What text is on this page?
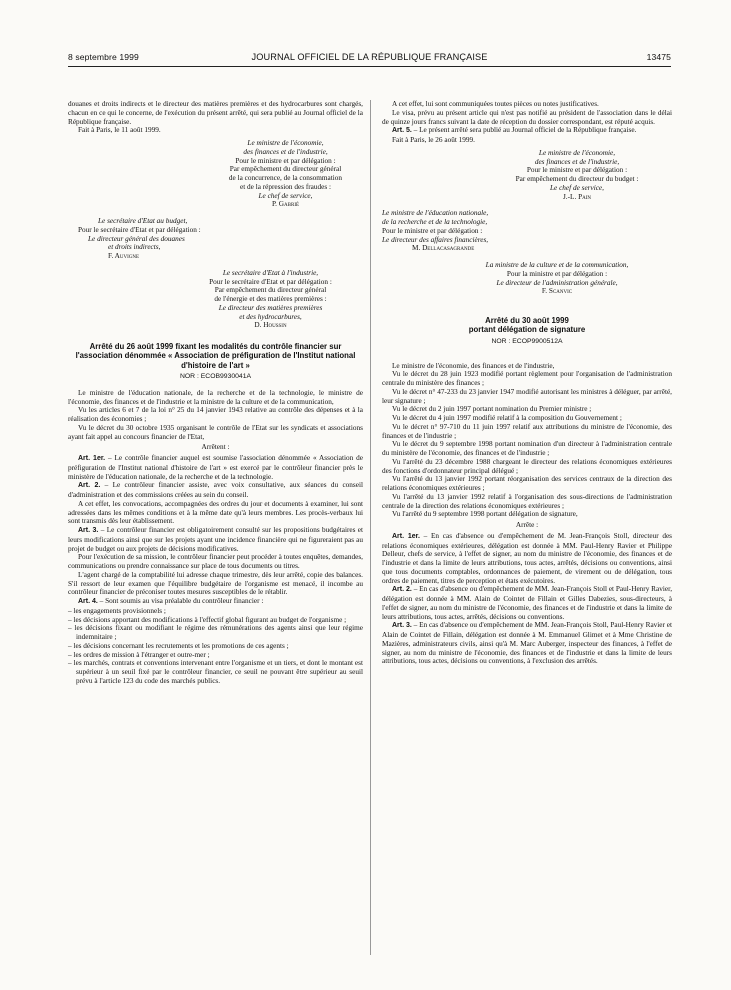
8 septembre 1999	JOURNAL OFFICIEL DE LA RÉPUBLIQUE FRANÇAISE	13475

douanes et droits indirects et le directeur des matières premières et des hydrocarbures sont chargés, chacun en ce qui le concerne, de l'exécution du présent arrêté, qui sera publié au Journal officiel de la République française.

Fait à Paris, le 11 août 1999.

Le ministre de l'économie,
des finances et de l'industrie,
Pour le ministre et par délégation :
Par empêchement du directeur général
de la concurrence, de la consommation
et de la répression des fraudes :
Le chef de service,
P. Gabrié
Le secrétaire d'Etat au budget,
Pour le secrétaire d'Etat et par délégation :
Le directeur général des douanes
et droits indirects,
F. Auvigne
Le secrétaire d'Etat à l'industrie,
Pour le secrétaire d'Etat et par délégation :
Par empêchement du directeur général
de l'énergie et des matières premières :
Le directeur des matières premières
et des hydrocarbures,
D. Houssin
Arrêté du 26 août 1999 fixant les modalités du contrôle financier sur l'association dénommée « Association de préfiguration de l'Institut national d'histoire de l'art »
NOR : ECOB9930041A

Le ministre de l'éducation nationale, de la recherche et de la technologie, le ministre de l'économie, des finances et de l'industrie et la ministre de la culture et de la communication,

Vu les articles 6 et 7 de la loi n° 25 du 14 janvier 1943 relative au contrôle des dépenses et à la réalisation des économies ;

Vu le décret du 30 octobre 1935 organisant le contrôle de l'Etat sur les syndicats et associations ayant fait appel au concours financier de l'Etat,

Arrêtent :

Art. 1er. – Le contrôle financier auquel est soumise l'association dénommée « Association de préfiguration de l'Institut national d'histoire de l'art » est exercé par le contrôleur financier près le ministère de l'éducation nationale, de la recherche et de la technologie.

Art. 2. – Le contrôleur financier assiste, avec voix consultative, aux séances du conseil d'administration et des commissions créées au sein du conseil.

A cet effet, les convocations, accompagnées des ordres du jour et documents à examiner, lui sont adressées dans les mêmes conditions et à la même date qu'à leurs membres. Les procès-verbaux lui sont transmis dès leur établissement.

Art. 3. – Le contrôleur financier est obligatoirement consulté sur les propositions budgétaires et leurs modifications ainsi que sur les projets ayant une incidence financière qui ne figureraient pas au projet de budget ou aux projets de décisions modificatives.

Pour l'exécution de sa mission, le contrôleur financier peut procéder à toutes enquêtes, demandes, communications ou prendre connaissance sur place de tous documents ou titres.

L'agent chargé de la comptabilité lui adresse chaque trimestre, dès leur arrêté, copie des balances. S'il ressort de leur examen que l'équilibre budgétaire de l'organisme est menacé, il incombe au contrôleur financier de préconiser toutes mesures susceptibles de le rétablir.

Art. 4. – Sont soumis au visa préalable du contrôleur financier :

– les engagements provisionnels ;
– les décisions apportant des modifications à l'effectif global figurant au budget de l'organisme ;
– les décisions fixant ou modifiant le régime des rémunérations des agents ainsi que leur régime indemnitaire ;
– les décisions concernant les recrutements et les promotions de ces agents ;
– les ordres de mission à l'étranger et outre-mer ;
– les marchés, contrats et conventions intervenant entre l'organisme et un tiers, et dont le montant est supérieur à un seuil fixé par le contrôleur financier, ce seuil ne pouvant être supérieur au seuil prévu à l'article 123 du code des marchés publics.

A cet effet, lui sont communiquées toutes pièces ou notes justificatives.

Le visa, prévu au présent article qui n'est pas notifié au président de l'association dans le délai de quinze jours francs suivant la date de réception du dossier correspondant, est réputé acquis.

Art. 5. – Le présent arrêté sera publié au Journal officiel de la République française.

Fait à Paris, le 26 août 1999.

Le ministre de l'économie,
des finances et de l'industrie,
Pour le ministre et par délégation :
Par empêchement du directeur du budget :
Le chef de service,
J.-L. Pain
Le ministre de l'éducation nationale,
de la recherche et de la technologie,
Pour le ministre et par délégation :
Le directeur des affaires financières,
M. Dellacasagrande
La ministre de la culture et de la communication,
Pour la ministre et par délégation :
Le directeur de l'administration générale,
F. Scanvic
Arrêté du 30 août 1999
portant délégation de signature
NOR : ECOP9900512A

Le ministre de l'économie, des finances et de l'industrie,

Vu le décret du 28 juin 1923 modifié portant règlement pour l'organisation de l'administration centrale du ministère des finances ;

Vu le décret n° 47-233 du 23 janvier 1947 modifié autorisant les ministres à déléguer, par arrêté, leur signature ;

Vu le décret du 2 juin 1997 portant nomination du Premier ministre ;

Vu le décret du 4 juin 1997 modifié relatif à la composition du Gouvernement ;

Vu le décret n° 97-710 du 11 juin 1997 relatif aux attributions du ministre de l'économie, des finances et de l'industrie ;

Vu le décret du 9 septembre 1998 portant nomination d'un directeur à l'administration centrale du ministère de l'économie, des finances et de l'industrie ;

Vu l'arrêté du 23 décembre 1988 chargeant le directeur des relations économiques extérieures des fonctions d'ordonnateur principal délégué ;

Vu l'arrêté du 13 janvier 1992 portant réorganisation des services centraux de la direction des relations économiques extérieures ;

Vu l'arrêté du 13 janvier 1992 relatif à l'organisation des sous-directions de l'administration centrale de la direction des relations économiques extérieures ;

Vu l'arrêté du 9 septembre 1998 portant délégation de signature,

Arrête :

Art. 1er. – En cas d'absence ou d'empêchement de M. Jean-François Stoll, directeur des relations économiques extérieures, délégation est donnée à MM. Paul-Henry Ravier et Philippe Delleur, chefs de service, à l'effet de signer, au nom du ministre de l'économie, des finances et de l'industrie et dans la limite de leurs attributions, tous actes, arrêtés, décisions ou conventions, ainsi que tous documents comptables, ordonnances de paiement, de virement ou de délégation, tous ordres de paiement, titres de perception et états exécutoires.

Art. 2. – En cas d'absence ou d'empêchement de MM. Jean-François Stoll et Paul-Henry Ravier, délégation est donnée à MM. Alain de Cointet de Fillain et Gilles Dabezies, sous-directeurs, à l'effet de signer, au nom du ministre de l'économie, des finances et de l'industrie et dans la limite de leurs attributions, tous actes, arrêtés, décisions ou conventions.

Art. 3. – En cas d'absence ou d'empêchement de MM. Jean-François Stoll, Paul-Henry Ravier et Alain de Cointet de Fillain, délégation est donnée à M. Emmanuel Glimet et à Mme Christine de Mazières, administrateurs civils, ainsi qu'à M. Marc Auberger, inspecteur des finances, à l'effet de signer, au nom du ministre de l'économie, des finances et de l'industrie et dans la limite de leurs attributions, tous actes, décisions ou conventions, à l'exclusion des arrêtés.
